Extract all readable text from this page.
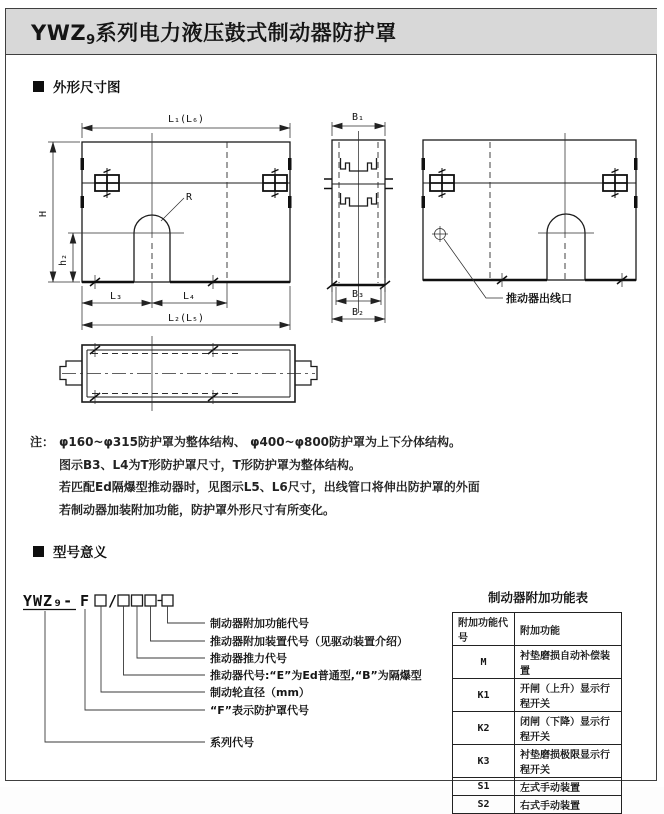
YWZ9系列电力液压鼓式制动器防护罩
外形尺寸图
L₁(L₆)
R
L₃	L₄
L₂(L₅)
H
h₂
B₁
B₃
B₂
推动器出线口
注： φ160~φ315防护罩为整体结构、 φ400~φ800防护罩为上下分体结构。
图示B3、L4为T形防护罩尺寸，T形防护罩为整体结构。
若匹配Ed隔爆型推动器时，见图示L5、L6尺寸，出线管口将伸出防护罩的外面
若制动器加装附加功能，防护罩外形尺寸有所变化。
型号意义
YWZ₉- F /
制动器附加功能代号
推动器附加装置代号（见驱动装置介绍）
推动器推力代号
推动器代号:“E”为Ed普通型,“B”为隔爆型
制动轮直径（mm）
“F”表示防护罩代号
系列代号
制动器附加功能表
附加功能代号	附加功能
M	衬垫磨损自动补偿装置
K1	开闸（上升）显示行程开关
K2	闭闸（下降）显示行程开关
K3	衬垫磨损极限显示行程开关
S1	左式手动装置
S2	右式手动装置
